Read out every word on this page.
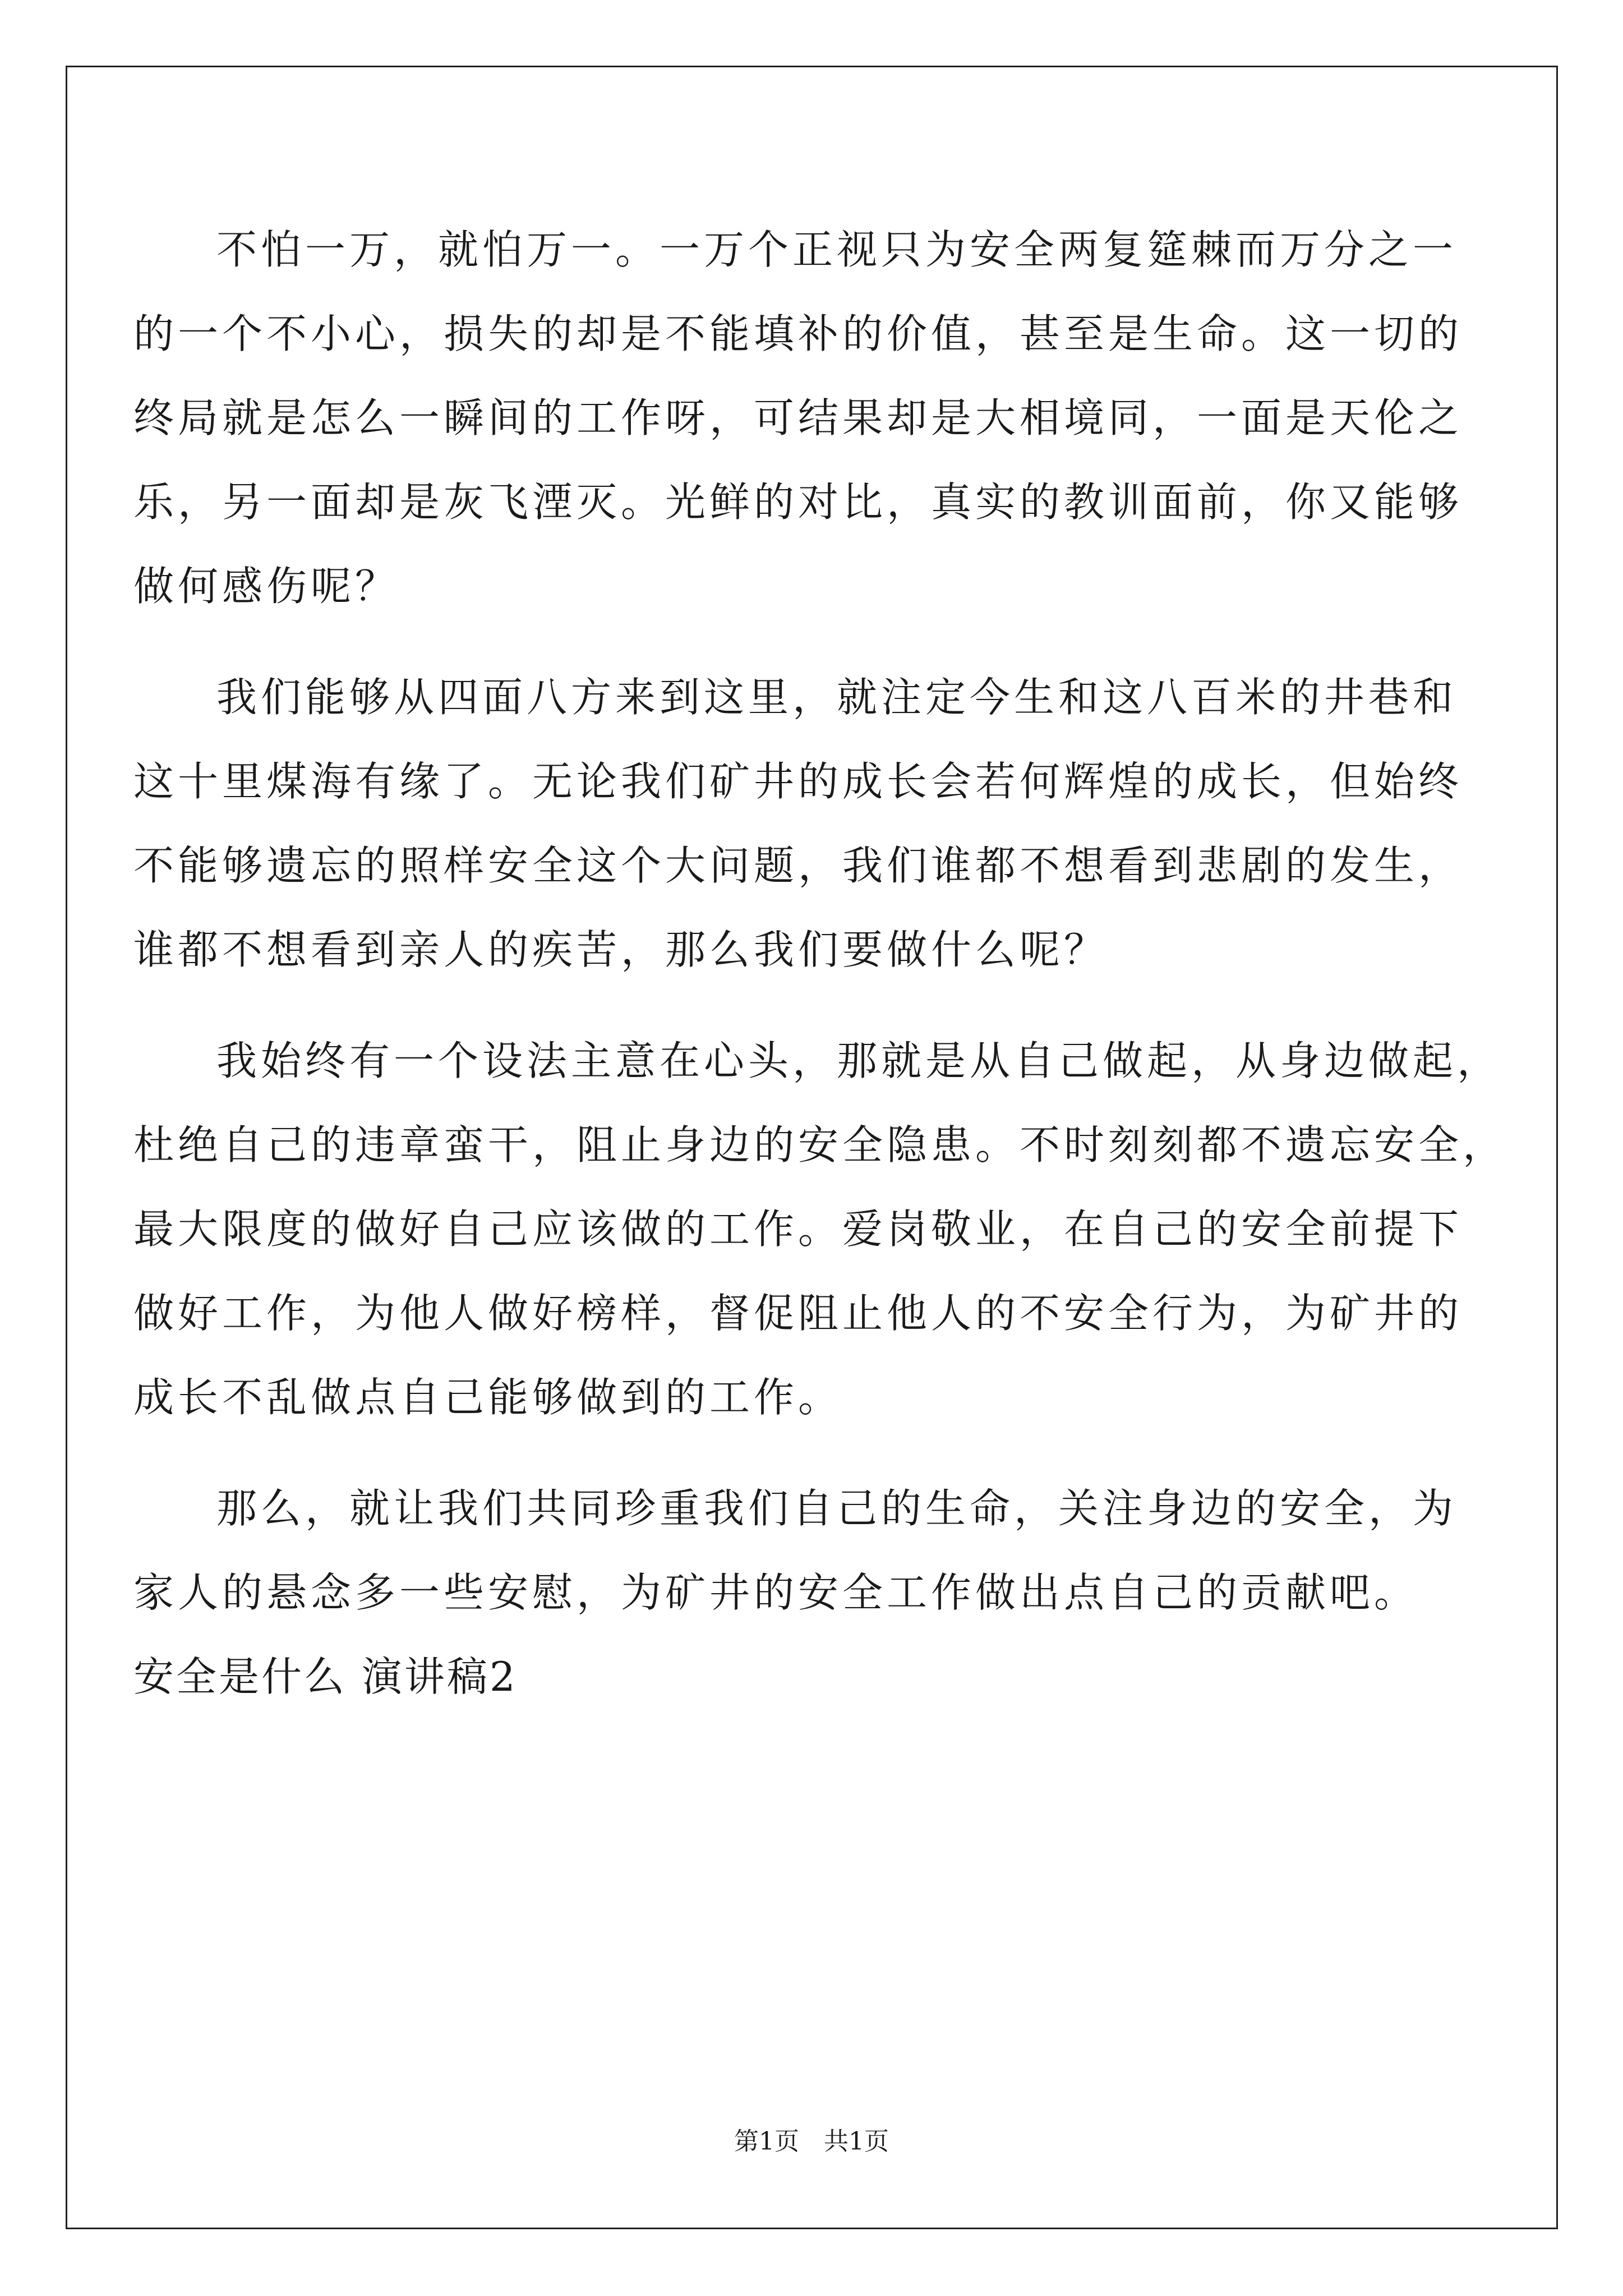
不怕一万，就怕万一。一万个正视只为安全两复筵棘而万分之一
的一个不小心，损失的却是不能填补的价值，甚至是生命。这一切的
终局就是怎么一瞬间的工作呀，可结果却是大相境同，一面是天伦之
乐，另一面却是灰飞湮灭。光鲜的对比，真实的教训面前，你又能够
做何感伤呢？
我们能够从四面八方来到这里，就注定今生和这八百米的井巷和
这十里煤海有缘了。无论我们矿井的成长会若何辉煌的成长，但始终
不能够遗忘的照样安全这个大问题，我们谁都不想看到悲剧的发生，
谁都不想看到亲人的疾苦，那么我们要做什么呢？
我始终有一个设法主意在心头，那就是从自己做起，从身边做起，
杜绝自己的违章蛮干，阻止身边的安全隐患。不时刻刻都不遗忘安全，
最大限度的做好自己应该做的工作。爱岗敬业，在自己的安全前提下
做好工作，为他人做好榜样，督促阻止他人的不安全行为，为矿井的
成长不乱做点自己能够做到的工作。
那么，就让我们共同珍重我们自己的生命，关注身边的安全，为
家人的悬念多一些安慰，为矿井的安全工作做出点自己的贡献吧。
安全是什么 演讲稿2
第1页　共1页
